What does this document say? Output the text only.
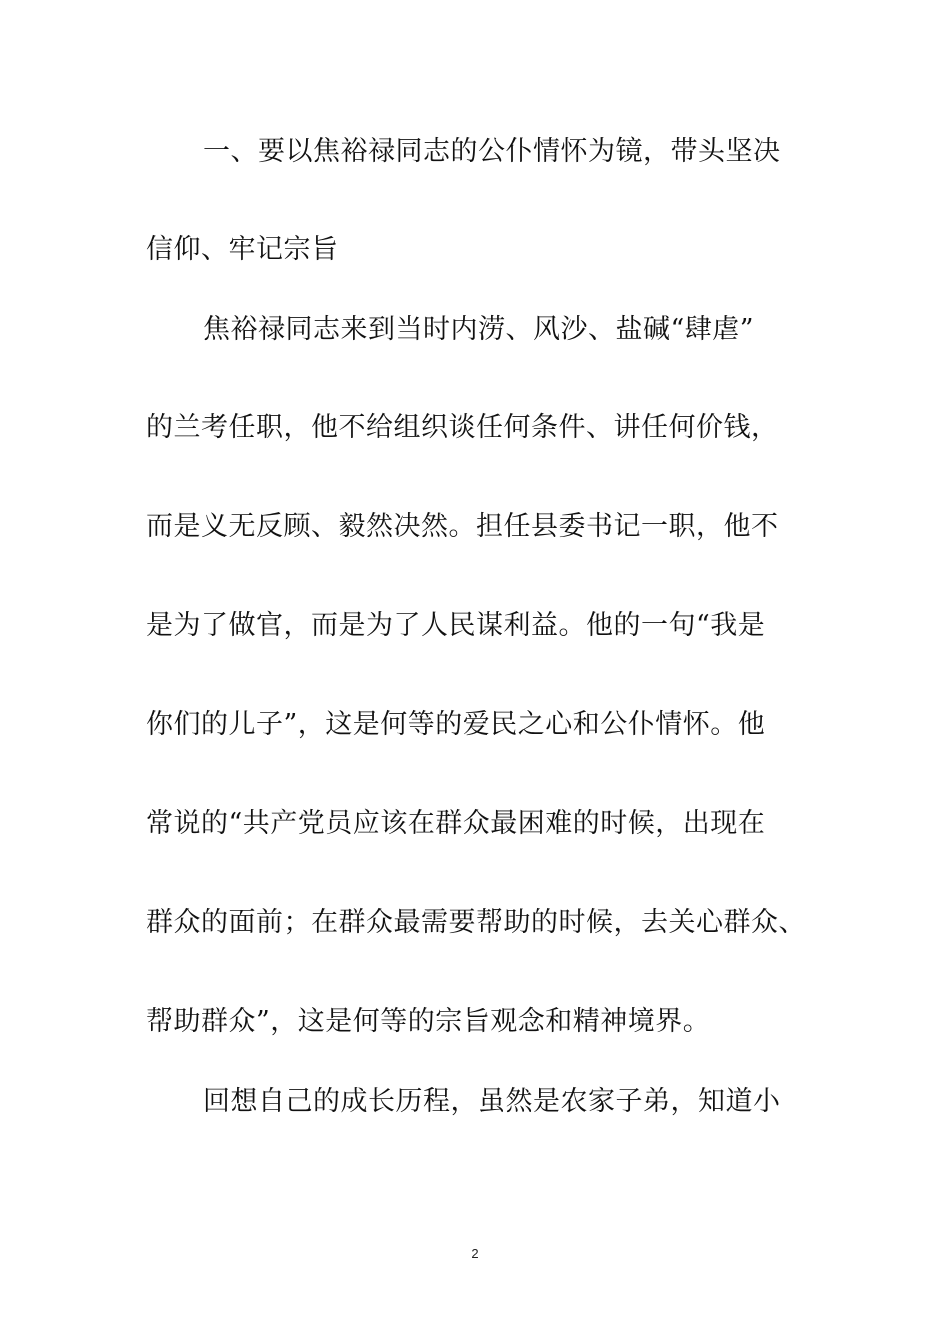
一、要以焦裕禄同志的公仆情怀为镜，带头坚决
信仰、牢记宗旨
焦裕禄同志来到当时内涝、风沙、盐碱“肆虐”
的兰考任职，他不给组织谈任何条件、讲任何价钱，
而是义无反顾、毅然决然。担任县委书记一职，他不
是为了做官，而是为了人民谋利益。他的一句“我是
你们的儿子”，这是何等的爱民之心和公仆情怀。他
常说的“共产党员应该在群众最困难的时候，出现在
群众的面前；在群众最需要帮助的时候，去关心群众、
帮助群众”，这是何等的宗旨观念和精神境界。
回想自己的成长历程，虽然是农家子弟，知道小
2
